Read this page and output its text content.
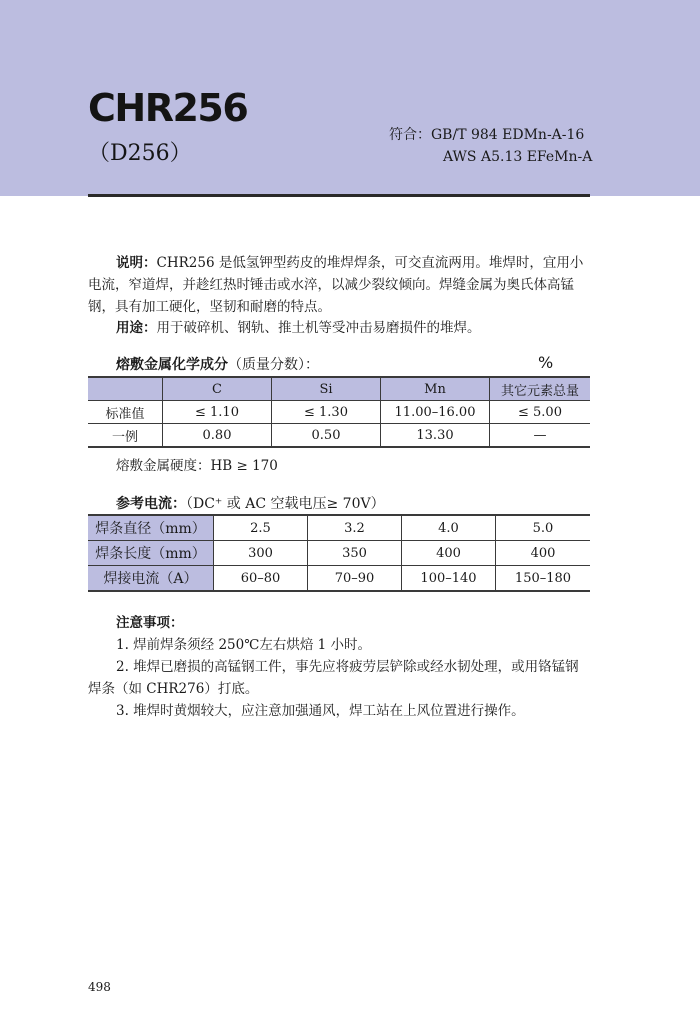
CHR256
（D256）
符合：GB/T 984 EDMn-A-16
AWS A5.13 EFeMn-A
说明：CHR256 是低氢钾型药皮的堆焊焊条，可交直流两用。堆焊时，宜用小电流，窄道焊，并趁红热时锤击或水淬，以减少裂纹倾向。焊缝金属为奥氏体高锰钢，具有加工硬化，坚韧和耐磨的特点。
用途：用于破碎机、钢轨、推土机等受冲击易磨损件的堆焊。
熔敷金属化学成分（质量分数）：	%
	C	Si	Mn	其它元素总量
标准值	≤ 1.10	≤ 1.30	11.00–16.00	≤ 5.00
一例	0.80	0.50	13.30	—
熔敷金属硬度：HB ≥ 170
参考电流：（DC⁺ 或 AC 空载电压≥ 70V）
焊条直径（mm）	2.5	3.2	4.0	5.0
焊条长度（mm）	300	350	400	400
焊接电流（A）	60–80	70–90	100–140	150–180
注意事项：
1. 焊前焊条须经 250℃左右烘焙 1 小时。
2. 堆焊已磨损的高锰钢工件，事先应将疲劳层铲除或经水韧处理，或用铬锰钢焊条（如 CHR276）打底。
3. 堆焊时黄烟较大，应注意加强通风，焊工站在上风位置进行操作。
498
